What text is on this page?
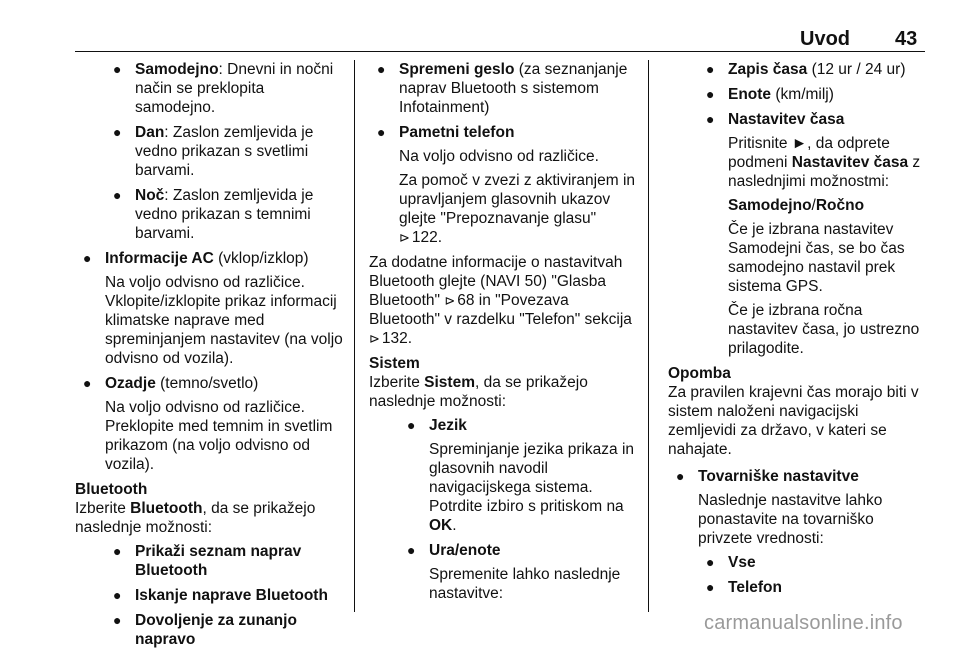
Uvod 43
● Samodejno: Dnevni in nočni način se preklopita samodejno.

● Dan: Zaslon zemljevida je vedno prikazan s svetlimi barvami.

● Noč: Zaslon zemljevida je vedno prikazan s temnimi barvami.

● Informacije AC (vklop/izklop)

Na voljo odvisno od različice. Vklopite/izklopite prikaz informacij klimatske naprave med spreminjanjem nastavitev (na voljo odvisno od vozila).

● Ozadje (temno/svetlo)

Na voljo odvisno od različice. Preklopite med temnim in svetlim prikazom (na voljo odvisno od vozila).

Bluetooth

Izberite Bluetooth, da se prikažejo naslednje možnosti:

● Prikaži seznam naprav Bluetooth

● Iskanje naprave Bluetooth

● Dovoljenje za zunanjo napravo

● Spremeni geslo (za seznanjanje naprav Bluetooth s sistemom Infotainment)

● Pametni telefon

Na voljo odvisno od različice.

Za pomoč v zvezi z aktiviranjem in upravljanjem glasovnih ukazov glejte "Prepoznavanje glasu"
⊳ 122.

Za dodatne informacije o nastavitvah Bluetooth glejte (NAVI 50) "Glasba Bluetooth" ⊳ 68 in "Povezava Bluetooth" v razdelku "Telefon" sekcija ⊳ 132.

Sistem

Izberite Sistem, da se prikažejo naslednje možnosti:

● Jezik

Spreminjanje jezika prikaza in glasovnih navodil navigacijskega sistema. Potrdite izbiro s pritiskom na OK.

● Ura/enote

Spremenite lahko naslednje nastavitve:

● Zapis časa (12 ur / 24 ur)

● Enote (km/milj)

● Nastavitev časa

Pritisnite ►, da odprete podmeni Nastavitev časa z naslednjimi možnostmi:

Samodejno/Ročno

Če je izbrana nastavitev Samodejni čas, se bo čas samodejno nastavil prek sistema GPS.

Če je izbrana ročna nastavitev časa, jo ustrezno prilagodite.

Opomba

Za pravilen krajevni čas morajo biti v sistem naloženi navigacijski zemljevidi za državo, v kateri se nahajate.

● Tovarniške nastavitve

Naslednje nastavitve lahko ponastavite na tovarniško privzete vrednosti:

● Vse

● Telefon

carmanualsonline.info
